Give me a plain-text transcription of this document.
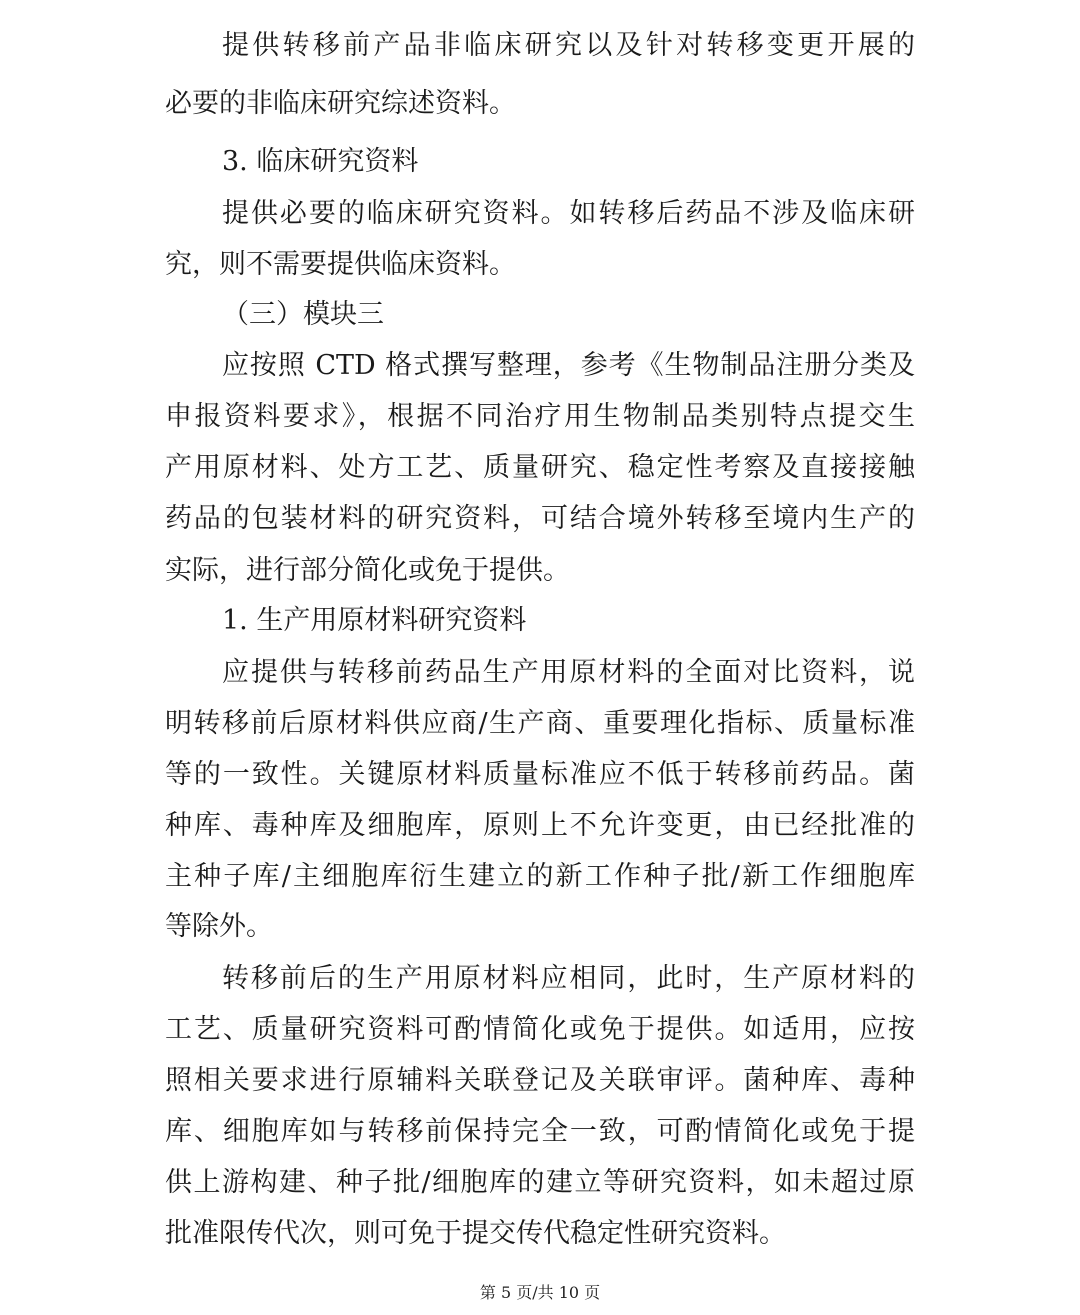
提供转移前产品非临床研究以及针对转移变更开展的

必要的非临床研究综述资料。

3. 临床研究资料

提供必要的临床研究资料。如转移后药品不涉及临床研

究，则不需要提供临床资料。

（三）模块三

应按照 CTD 格式撰写整理，参考《生物制品注册分类及

申报资料要求》，根据不同治疗用生物制品类别特点提交生

产用原材料、处方工艺、质量研究、稳定性考察及直接接触

药品的包装材料的研究资料，可结合境外转移至境内生产的

实际，进行部分简化或免于提供。

1. 生产用原材料研究资料

应提供与转移前药品生产用原材料的全面对比资料，说

明转移前后原材料供应商/生产商、重要理化指标、质量标准

等的一致性。关键原材料质量标准应不低于转移前药品。菌

种库、毒种库及细胞库，原则上不允许变更，由已经批准的

主种子库/主细胞库衍生建立的新工作种子批/新工作细胞库

等除外。

转移前后的生产用原材料应相同，此时，生产原材料的

工艺、质量研究资料可酌情简化或免于提供。如适用，应按

照相关要求进行原辅料关联登记及关联审评。菌种库、毒种

库、细胞库如与转移前保持完全一致，可酌情简化或免于提

供上游构建、种子批/细胞库的建立等研究资料，如未超过原

批准限传代次，则可免于提交传代稳定性研究资料。

第 5 页/共 10 页
